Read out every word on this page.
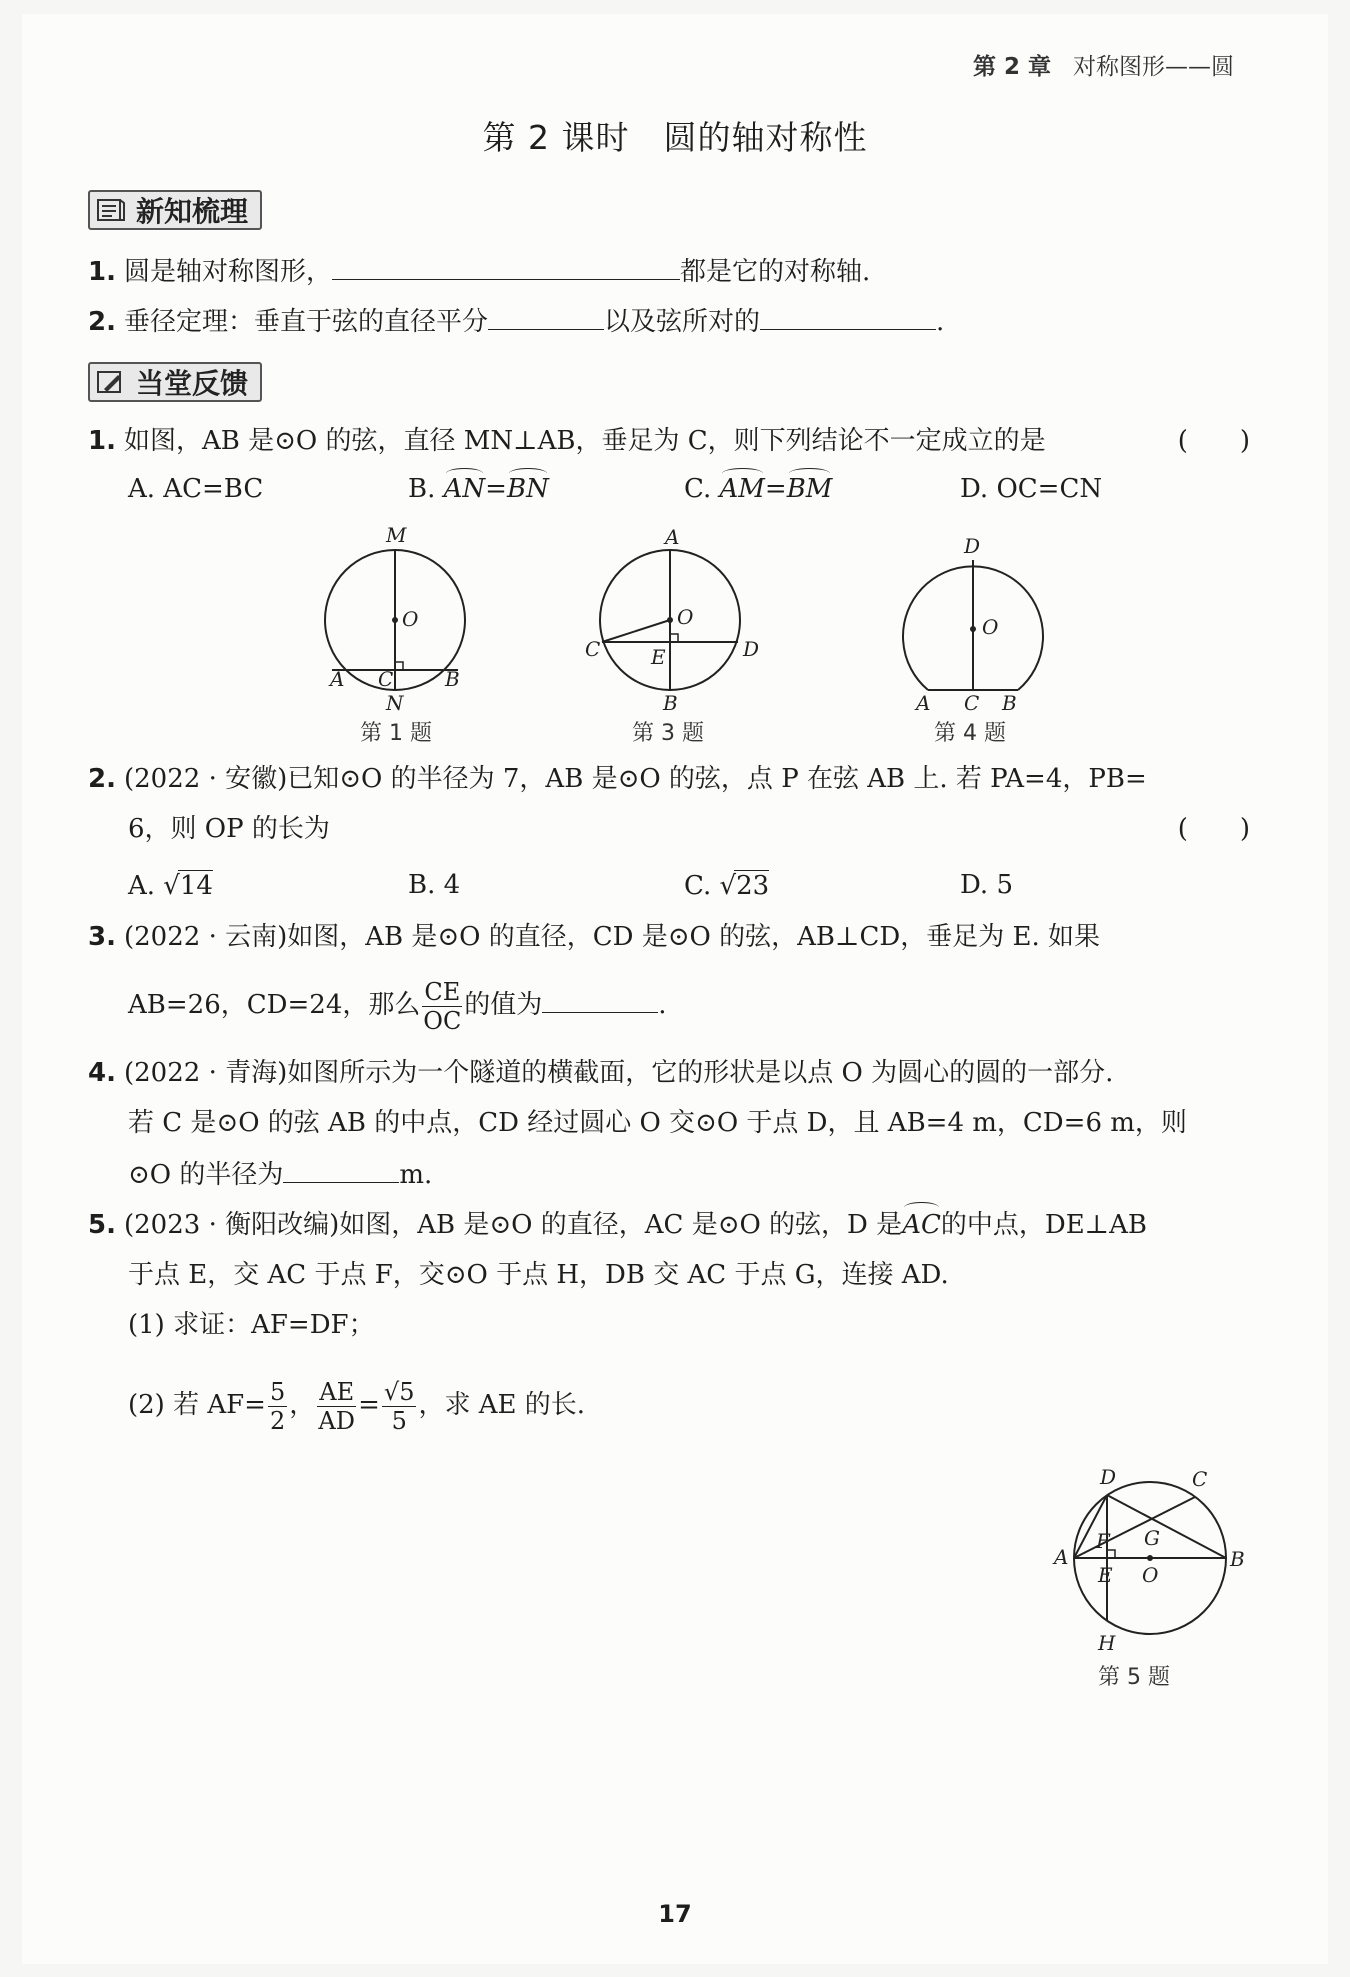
第 2 章 对称图形——圆
第 2 课时 圆的轴对称性
新知梳理
1. 圆是轴对称图形，	都是它的对称轴.
2. 垂径定理：垂直于弦的直径平分	以及弦所对的	.
当堂反馈
1. 如图，AB 是⊙O 的弦，直径 MN⊥AB，垂足为 C，则下列结论不一定成立的是	(　　)
A. AC=BC	B. AN=BN	C. AM=BM	D. OC=CN
M
O
A C	B
N
第 1 题
A
O
C	D
E
B
第 3 题
D
O
A C B
第 4 题
2. (2022 · 安徽)已知⊙O 的半径为 7，AB 是⊙O 的弦，点 P 在弦 AB 上. 若 PA=4，PB=
6，则 OP 的长为	(　　)
A. √14	B. 4	C. √23	D. 5
3. (2022 · 云南)如图，AB 是⊙O 的直径，CD 是⊙O 的弦，AB⊥CD，垂足为 E. 如果
AB=26，CD=24，那么 $\frac{CE}{OC}$ 的值为	.
4. (2022 · 青海)如图所示为一个隧道的横截面，它的形状是以点 O 为圆心的圆的一部分.
若 C 是⊙O 的弦 AB 的中点，CD 经过圆心 O 交⊙O 于点 D，且 AB=4 m，CD=6 m，则
⊙O 的半径为	m.
5. (2023 · 衡阳改编)如图，AB 是⊙O 的直径，AC 是⊙O 的弦，D 是AC的中点，DE⊥AB
于点 E，交 AC 于点 F，交⊙O 于点 H，DB 交 AC 于点 G，连接 AD.
(1) 求证：AF=DF；
(2) 若 $AF= \frac{5}{2}$ ， $\frac{AE}{AD} = \frac{√5}{5}$ ，求 AE 的长.
D	C
F G
A	B
E O
H
第 5 题
17
